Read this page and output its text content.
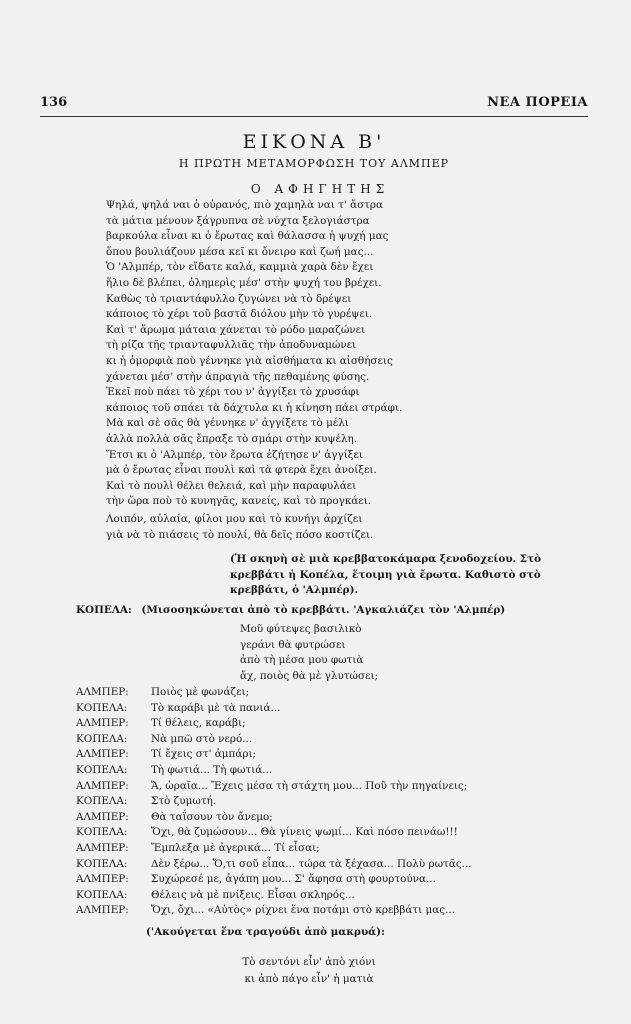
136	ΝΕΑ ΠΟΡΕΙΑ
ΕΙΚΟΝΑ Β'
Η ΠΡΩΤΗ ΜΕΤΑΜΟΡΦΩΣΗ ΤΟΥ ΑΛΜΠΕΡ
Ο ΑΦΗΓΗΤΗΣ
Ψηλά, ψηλά ναι ὁ οὐρανός, πιὸ χαμηλὰ ναι τ' ἄστρα
τὰ μάτια μένουν ξάγρυπνα σὲ νύχτα ξελογιάστρα
βαρκούλα εἶναι κι ὁ ἔρωτας καὶ θάλασσα ἡ ψυχή μας
ὅπου βουλιάζουν μέσα κεῖ κι ὄνειρο καὶ ζωή μας...
Ὁ 'Αλμπέρ, τὸν εἴδατε καλά, καμμιὰ χαρὰ δὲν ἔχει
ἥλιο δὲ βλέπει, ὁλημερὶς μέσ' στὴν ψυχή του βρέχει.
Καθὼς τὸ τριαντάφυλλο ζυγώνει νὰ τὸ δρέψει
κάποιος τὸ χέρι τοῦ βαστᾶ διόλου μὴν τὸ γυρέψει.
Καὶ τ' ἄρωμα μάταια χάνεται τὸ ρόδο μαραζώνει
τὴ ρίζα τῆς τριανταφυλλιᾶς τὴν ἀποδυναμώνει
κι ἡ ὀμορφιὰ ποὺ γέννηκε γιὰ αἰσθήματα κι αἰσθήσεις
χάνεται μέσ' στὴν ἀπραγιὰ τῆς πεθαμένης φύσης.
Ἐκεῖ ποὺ πάει τὸ χέρι του ν' ἀγγίξει τὸ χρυσάφι
κάποιος τοῦ σπάει τὰ δάχτυλα κι ἡ κίνηση πάει στράφι.
Μὰ καὶ σὲ σᾶς θὰ γέννηκε ν' ἀγγίξετε τὸ μέλι
ἀλλὰ πολλὰ σᾶς ἔπραξε τὸ σμάρι στὴν κυψέλη.
Ἔτσι κι ὁ 'Αλμπέρ, τὸν ἔρωτα ἐζήτησε ν' ἀγγίξει
μὰ ὁ ἔρωτας εἶναι πουλὶ καὶ τὰ φτερὰ ἔχει ἀνοίξει.
Καὶ τὸ πουλὶ θέλει θελειά, καὶ μὴν παραφυλάει
τὴν ὥρα ποὺ τὸ κυνηγᾶς, κανείς, καὶ τὸ προγκάει.
Λοιπόν, αὐλαία, φίλοι μου καὶ τὸ κυνήγι ἀρχίζει
γιὰ νὰ τὸ πιάσεις τὸ πουλί, θὰ δεῖς πόσο κοστίζει.
(Ἡ σκηνὴ σὲ μιὰ κρεββατοκάμαρα ξενοδοχείου. Στὸ κρεββάτι ἡ Κοπέλα, ἕτοιμη γιὰ ἔρωτα. Καθιστὸ στὸ κρεββάτι, ὁ 'Αλμπέρ).
ΚΟΠΕΛΑ: (Μισοσηκώνεται ἀπὸ τὸ κρεββάτι. 'Αγκαλιάζει τὸν 'Αλμπέρ)
Μοῦ φύτεψες βασιλικὸ
γεράνι θὰ φυτρώσει
ἀπὸ τὴ μέσα μου φωτιὰ
ἄχ, ποιὸς θὰ μὲ γλυτώσει;
ΑΛΜΠΕΡ:	Ποιὸς μὲ φωνάζει;
ΚΟΠΕΛΑ:	Τὸ καράβι μὲ τὰ πανιά...
ΑΛΜΠΕΡ:	Τί θέλεις, καράβι;
ΚΟΠΕΛΑ:	Νὰ μπῶ στὸ νερό...
ΑΛΜΠΕΡ:	Τί ἔχεις στ' ἀμπάρι;
ΚΟΠΕΛΑ:	Τὴ φωτιά... Τὴ φωτιά...
ΑΛΜΠΕΡ:	Ἄ, ὡραῖα... Ἔχεις μέσα τὴ στάχτη μου... Ποῦ τὴν πηγαίνεις;
ΚΟΠΕΛΑ:	Στὸ ζυμωτή.
ΑΛΜΠΕΡ:	Θὰ ταΐσουν τὸν ἄνεμο;
ΚΟΠΕΛΑ:	Ὄχι, θὰ ζυμώσουν... Θὰ γίνεις ψωμί... Καὶ πόσο πεινάω!!!
ΑΛΜΠΕΡ:	Ἔμπλεξα μὲ ἀγερικά... Τί εἶσαι;
ΚΟΠΕΛΑ:	Δὲν ξέρω... Ὅ,τι σοῦ εἶπα... τώρα τὰ ξέχασα... Πολὺ ρωτᾶς...
ΑΛΜΠΕΡ:	Συχώρεσέ με, ἀγάπη μου... Σ' ἄφησα στὴ φουρτούνα...
ΚΟΠΕΛΑ:	Θέλεις νὰ μὲ πνίξεις. Εἶσαι σκληρός...
ΑΛΜΠΕΡ:	Ὄχι, ὄχι... «Αὐτὸς» ρίχνει ἕνα ποτάμι στὸ κρεββάτι μας...
('Ακούγεται ἕνα τραγούδι ἀπὸ μακρυά):
Τὸ σεντόνι εἶν' ἀπὸ χιόνι
κι ἀπὸ πάγο εἶν' ἡ ματιὰ
